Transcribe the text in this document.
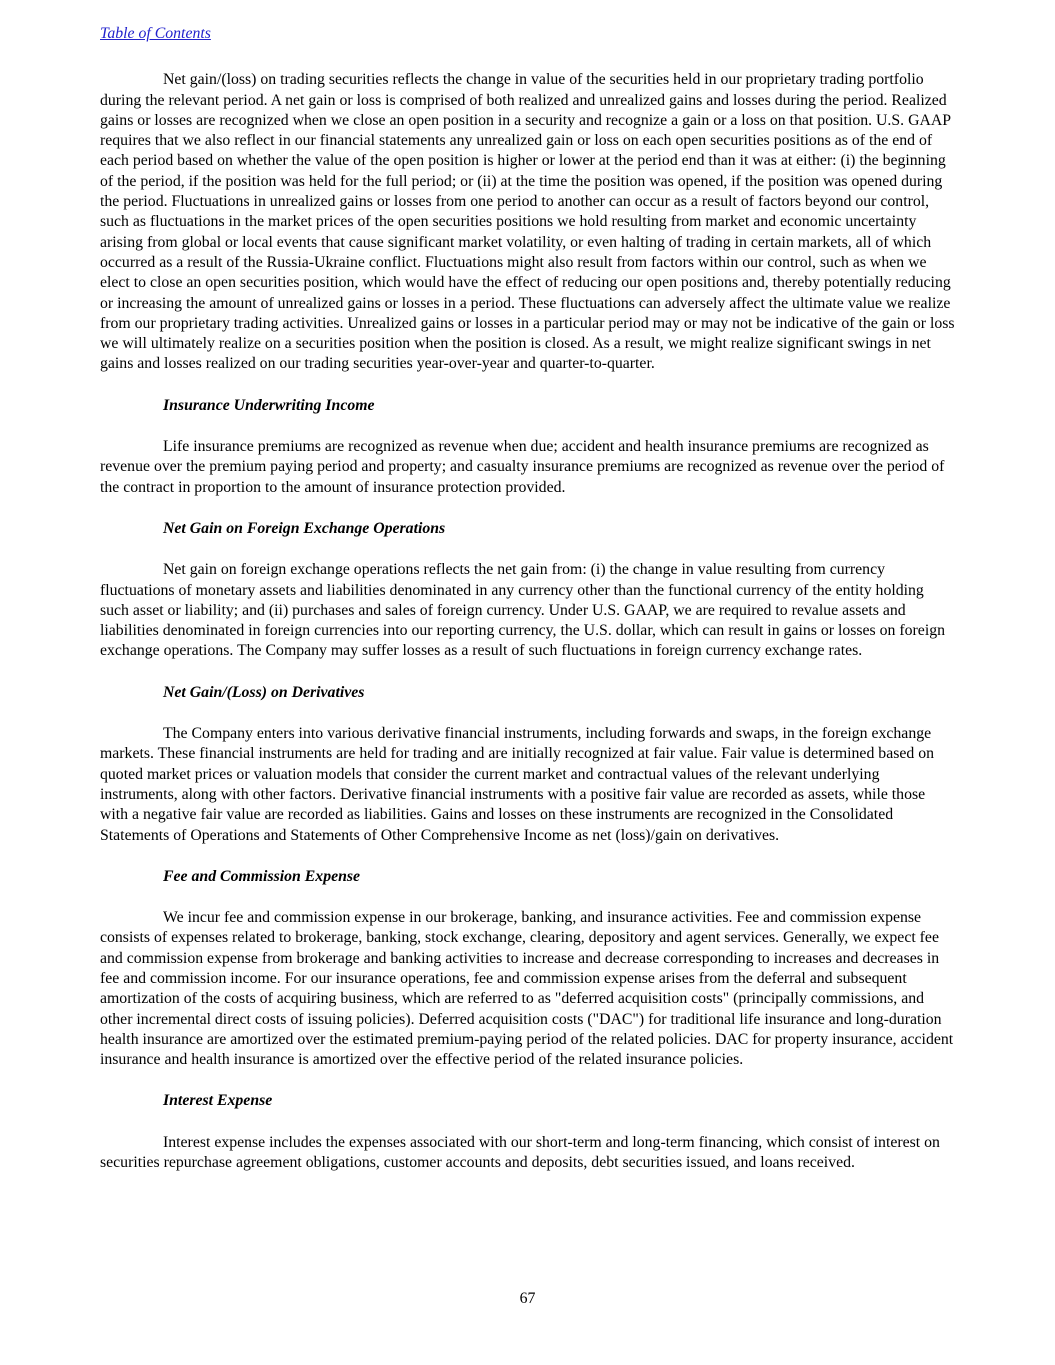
Table of Contents

Net gain/(loss) on trading securities reflects the change in value of the securities held in our proprietary trading portfolio during the relevant period. A net gain or loss is comprised of both realized and unrealized gains and losses during the period. Realized gains or losses are recognized when we close an open position in a security and recognize a gain or a loss on that position. U.S. GAAP requires that we also reflect in our financial statements any unrealized gain or loss on each open securities positions as of the end of each period based on whether the value of the open position is higher or lower at the period end than it was at either: (i) the beginning of the period, if the position was held for the full period; or (ii) at the time the position was opened, if the position was opened during the period. Fluctuations in unrealized gains or losses from one period to another can occur as a result of factors beyond our control, such as fluctuations in the market prices of the open securities positions we hold resulting from market and economic uncertainty arising from global or local events that cause significant market volatility, or even halting of trading in certain markets, all of which occurred as a result of the Russia-Ukraine conflict. Fluctuations might also result from factors within our control, such as when we elect to close an open securities position, which would have the effect of reducing our open positions and, thereby potentially reducing or increasing the amount of unrealized gains or losses in a period. These fluctuations can adversely affect the ultimate value we realize from our proprietary trading activities. Unrealized gains or losses in a particular period may or may not be indicative of the gain or loss we will ultimately realize on a securities position when the position is closed. As a result, we might realize significant swings in net gains and losses realized on our trading securities year-over-year and quarter-to-quarter.

Insurance Underwriting Income

Life insurance premiums are recognized as revenue when due; accident and health insurance premiums are recognized as revenue over the premium paying period and property; and casualty insurance premiums are recognized as revenue over the period of the contract in proportion to the amount of insurance protection provided.

Net Gain on Foreign Exchange Operations

Net gain on foreign exchange operations reflects the net gain from: (i) the change in value resulting from currency fluctuations of monetary assets and liabilities denominated in any currency other than the functional currency of the entity holding such asset or liability; and (ii) purchases and sales of foreign currency. Under U.S. GAAP, we are required to revalue assets and liabilities denominated in foreign currencies into our reporting currency, the U.S. dollar, which can result in gains or losses on foreign exchange operations. The Company may suffer losses as a result of such fluctuations in foreign currency exchange rates.

Net Gain/(Loss) on Derivatives

The Company enters into various derivative financial instruments, including forwards and swaps, in the foreign exchange markets. These financial instruments are held for trading and are initially recognized at fair value. Fair value is determined based on quoted market prices or valuation models that consider the current market and contractual values of the relevant underlying instruments, along with other factors. Derivative financial instruments with a positive fair value are recorded as assets, while those with a negative fair value are recorded as liabilities. Gains and losses on these instruments are recognized in the Consolidated Statements of Operations and Statements of Other Comprehensive Income as net (loss)/gain on derivatives.

Fee and Commission Expense

We incur fee and commission expense in our brokerage, banking, and insurance activities. Fee and commission expense consists of expenses related to brokerage, banking, stock exchange, clearing, depository and agent services. Generally, we expect fee and commission expense from brokerage and banking activities to increase and decrease corresponding to increases and decreases in fee and commission income. For our insurance operations, fee and commission expense arises from the deferral and subsequent amortization of the costs of acquiring business, which are referred to as "deferred acquisition costs" (principally commissions, and other incremental direct costs of issuing policies). Deferred acquisition costs ("DAC") for traditional life insurance and long-duration health insurance are amortized over the estimated premium-paying period of the related policies. DAC for property insurance, accident insurance and health insurance is amortized over the effective period of the related insurance policies.

Interest Expense

Interest expense includes the expenses associated with our short-term and long-term financing, which consist of interest on securities repurchase agreement obligations, customer accounts and deposits, debt securities issued, and loans received.

67
